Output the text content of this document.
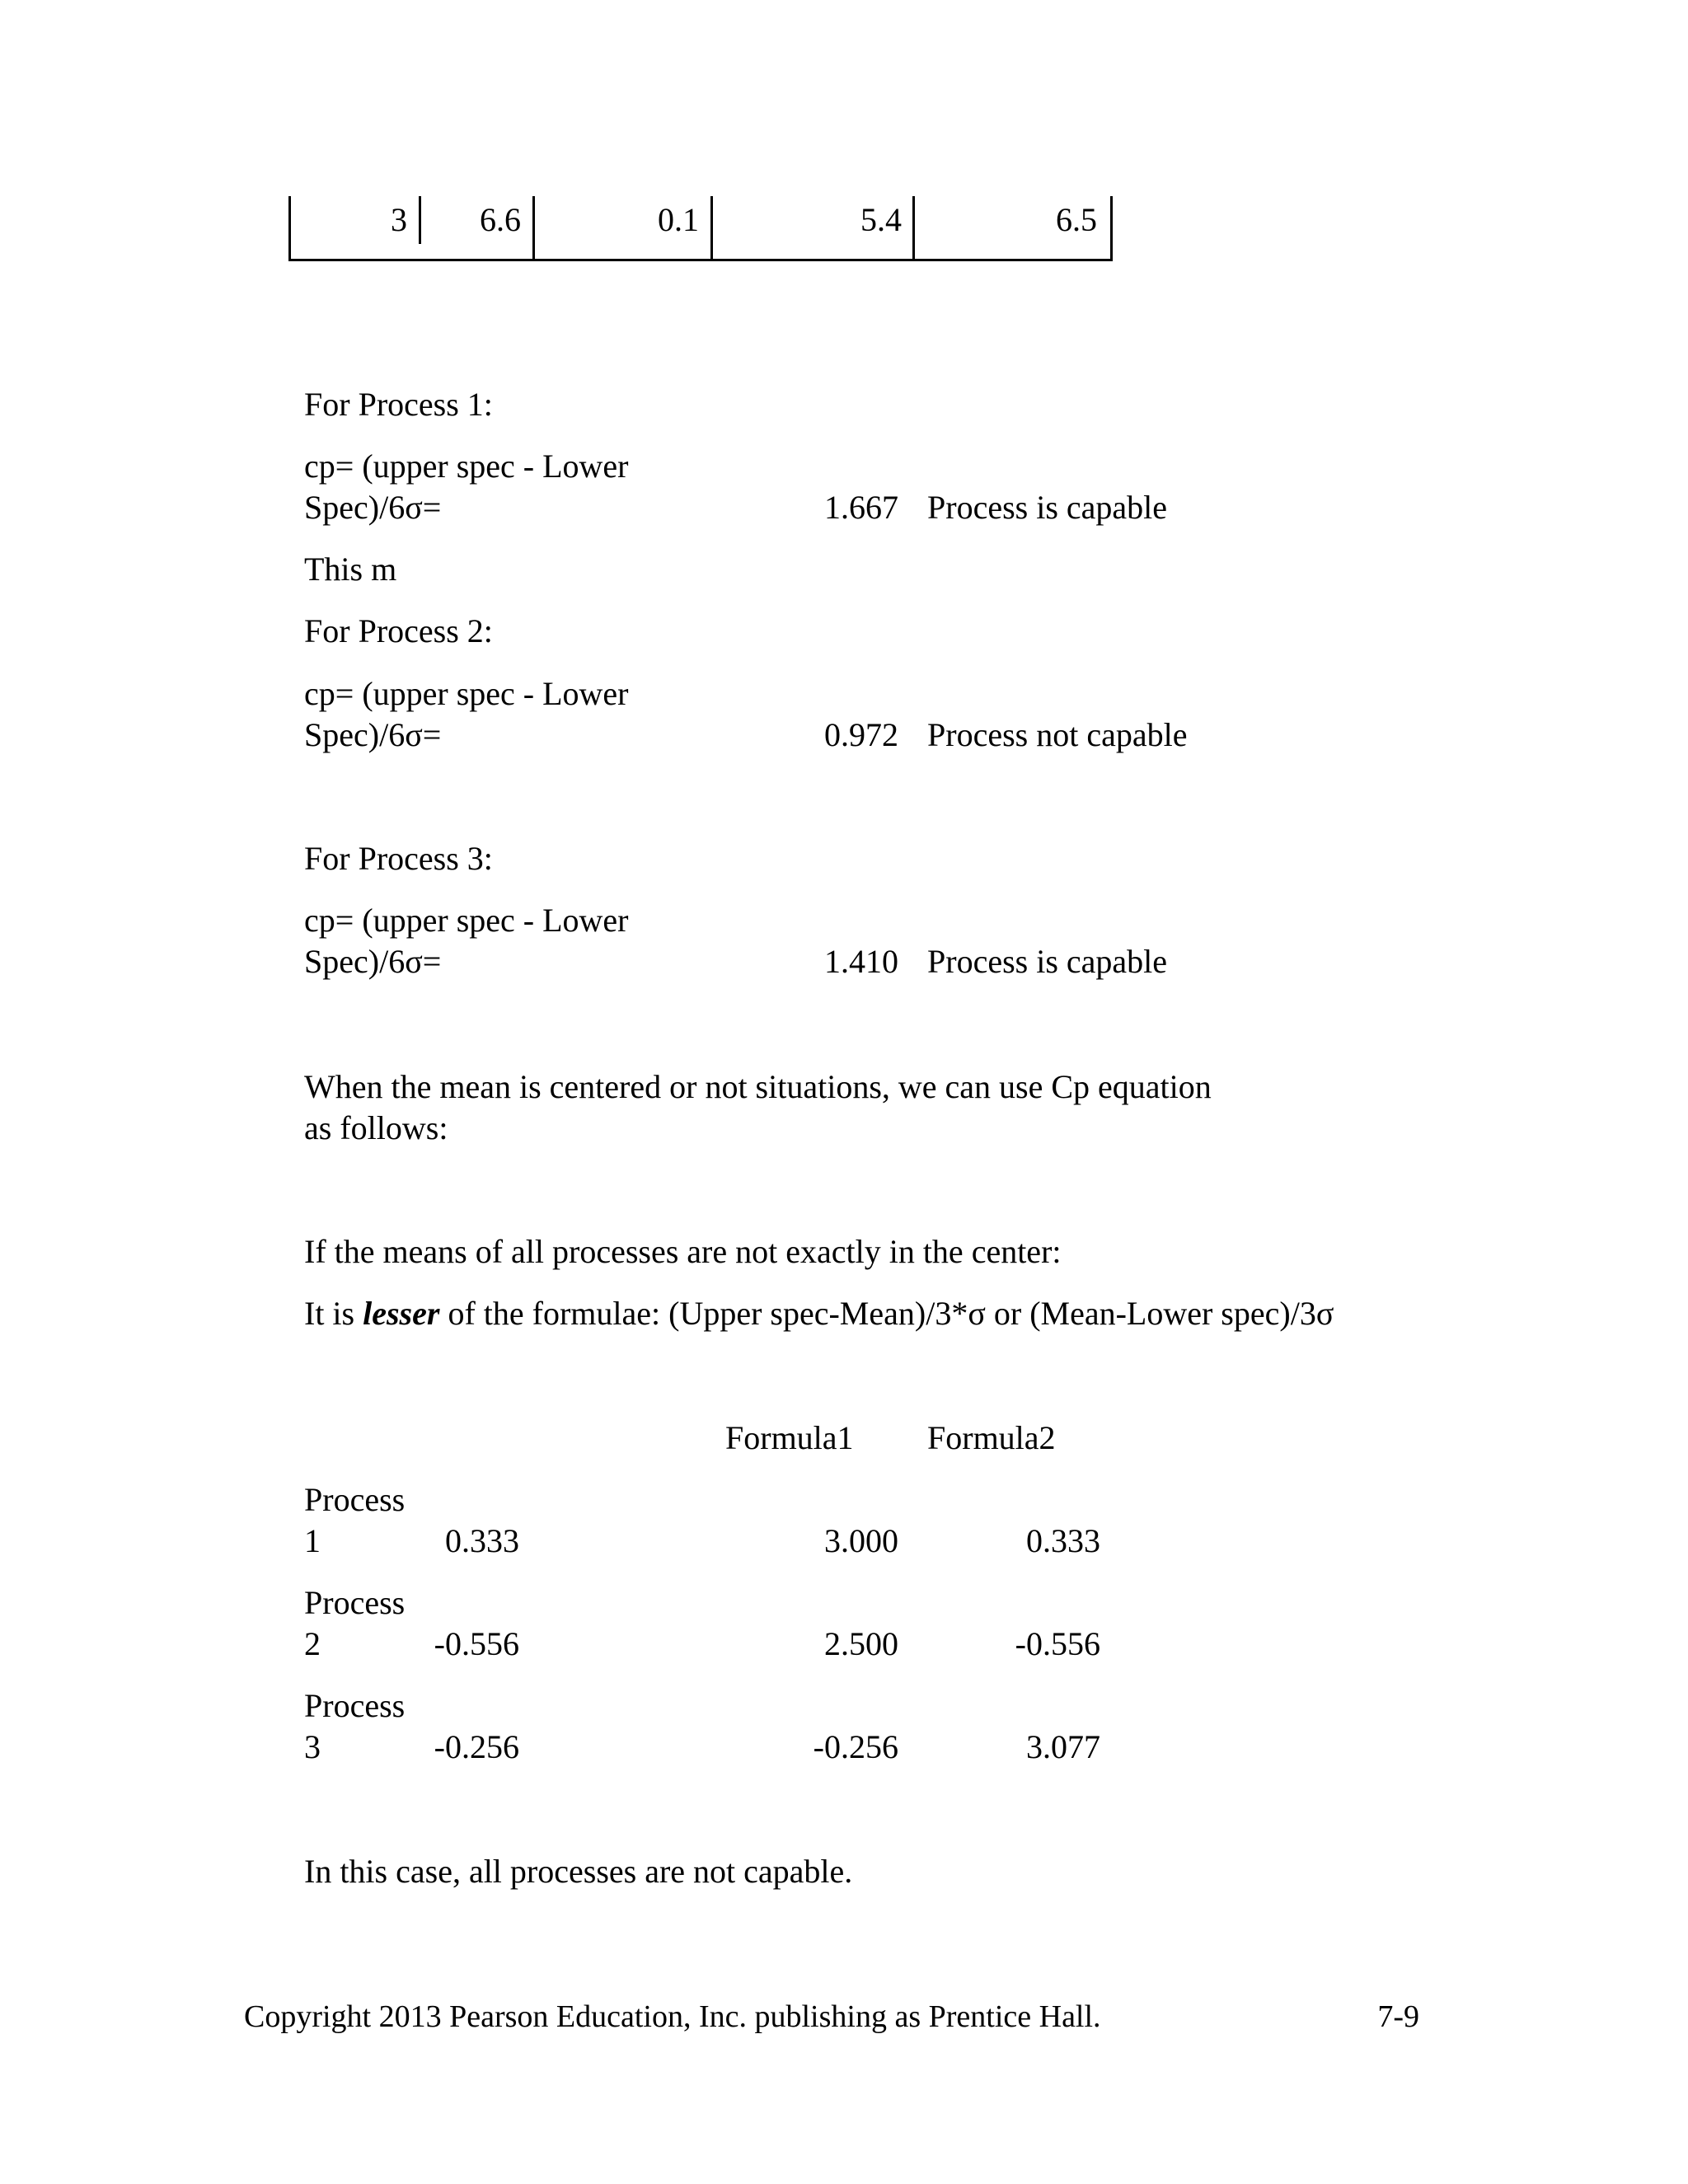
3	6.6	0.1	5.4	6.5
For Process 1:
cp= (upper spec - Lower
Spec)/6σ=	1.667 Process is capable
This m
For Process 2:
cp= (upper spec - Lower
Spec)/6σ=	0.972 Process not capable
For Process 3:
cp= (upper spec - Lower
Spec)/6σ=	1.410 Process is capable
When the mean is centered or not situations, we can use Cp equation
as follows:
If the means of all processes are not exactly in the center:
It is lesser of the formulae: (Upper spec-Mean)/3*σ or (Mean-Lower spec)/3σ
Formula1 Formula2
Process
1	0.333	3.000	0.333
Process
2	-0.556	2.500	-0.556
Process
3	-0.256	-0.256	3.077
In this case, all processes are not capable.
Copyright 2013 Pearson Education, Inc. publishing as Prentice Hall.	7-9
